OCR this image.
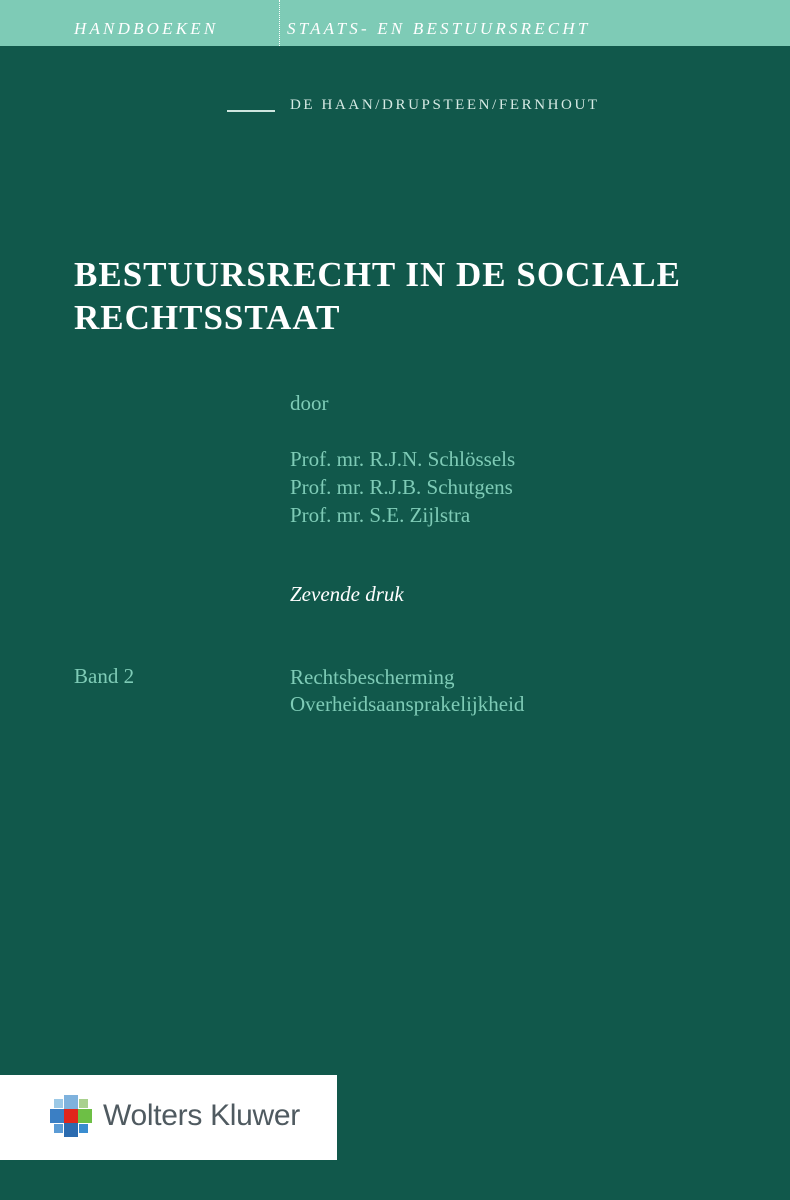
HANDBOEKEN	STAATS- EN BESTUURSRECHT
DE HAAN/DRUPSTEEN/FERNHOUT
BESTUURSRECHT IN DE SOCIALE
RECHTSSTAAT
door
Prof. mr. R.J.N. Schlössels
Prof. mr. R.J.B. Schutgens
Prof. mr. S.E. Zijlstra
Zevende druk
Band 2	Rechtsbescherming
Overheidsaansprakelijkheid
Wolters Kluwer
